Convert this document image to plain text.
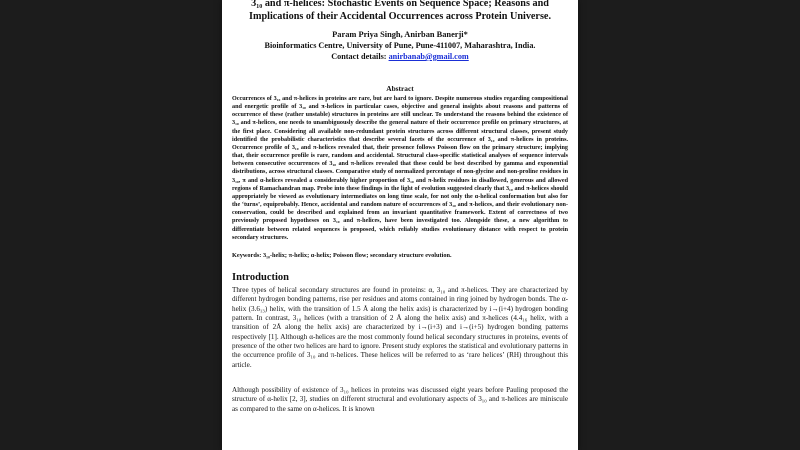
3₁₀ and π-helices: Stochastic Events on Sequence Space; Reasons and
Implications of their Accidental Occurrences across Protein Universe.
Param Priya Singh, Anirban Banerji*
Bioinformatics Centre, University of Pune, Pune-411007, Maharashtra, India.
Contact details: anirbanab@gmail.com
Abstract
Occurrences of 3₁₀ and π-helices in proteins are rare, but are hard to ignore. Despite numerous studies regarding compositional and energetic profile of 3₁₀ and π-helices in particular cases, objective and general insights about reasons and patterns of occurrence of these (rather unstable) structures in proteins are still unclear. To understand the reasons behind the existence of 3₁₀ and π-helices, one needs to unambiguously describe the general nature of their occurrence profile on primary structures, at the first place. Considering all available non-redundant protein structures across different structural classes, present study identified the probabilistic characteristics that describe several facets of the occurrence of 3₁₀ and π-helices in proteins. Occurrence profile of 3₁₀ and π-helices revealed that, their presence follows Poisson flow on the primary structure; implying that, their occurrence profile is rare, random and accidental. Structural class-specific statistical analyses of sequence intervals between consecutive occurrences of 3₁₀ and π-helices revealed that these could be best described by gamma and exponential distributions, across structural classes. Comparative study of normalized percentage of non-glycine and non-proline residues in 3₁₀, π and α-helices revealed a considerably higher proportion of 3₁₀ and π-helix residues in disallowed, generous and allowed regions of Ramachandran map. Probe into these findings in the light of evolution suggested clearly that 3₁₀ and π-helices should appropriately be viewed as evolutionary intermediates on long time scale, for not only the α-helical conformation but also for the ‘turns’, equiprobably. Hence, accidental and random nature of occurrences of 3₁₀ and π-helices, and their evolutionary non-conservation, could be described and explained from an invariant quantitative framework. Extent of correctness of two previously proposed hypotheses on 3₁₀ and π-helices, have been investigated too. Alongside these, a new algorithm to differentiate between related sequences is proposed, which reliably studies evolutionary distance with respect to protein secondary structures.
Keywords: 3₁₀-helix; π-helix; α-helix; Poisson flow; secondary structure evolution.
Introduction
Three types of helical secondary structures are found in proteins: α, 3₁₀ and π-helices. They are characterized by different hydrogen bonding patterns, rise per residues and atoms contained in ring joined by hydrogen bonds. The α-helix (3.6₁₃) helix, with the transition of 1.5 Å along the helix axis) is characterized by i→(i+4) hydrogen bonding pattern. In contrast, 3₁₀ helices (with a transition of 2 Å along the helix axis) and π-helices (4.4₁₆ helix, with a transition of 2Å along the helix axis) are characterized by i→(i+3) and i→(i+5) hydrogen bonding patterns respectively [1]. Although α-helices are the most commonly found helical secondary structures in proteins, events of presence of the other two helices are hard to ignore. Present study explores the statistical and evolutionary patterns in the occurrence profile of 3₁₀ and π-helices. These helices will be referred to as ‘rare helices’ (RH) throughout this article.
Although possibility of existence of 3₁₀ helices in proteins was discussed eight years before Pauling proposed the structure of α-helix [2, 3], studies on different structural and evolutionary aspects of 3₁₀ and π-helices are miniscule as compared to the same on α-helices. It is known
